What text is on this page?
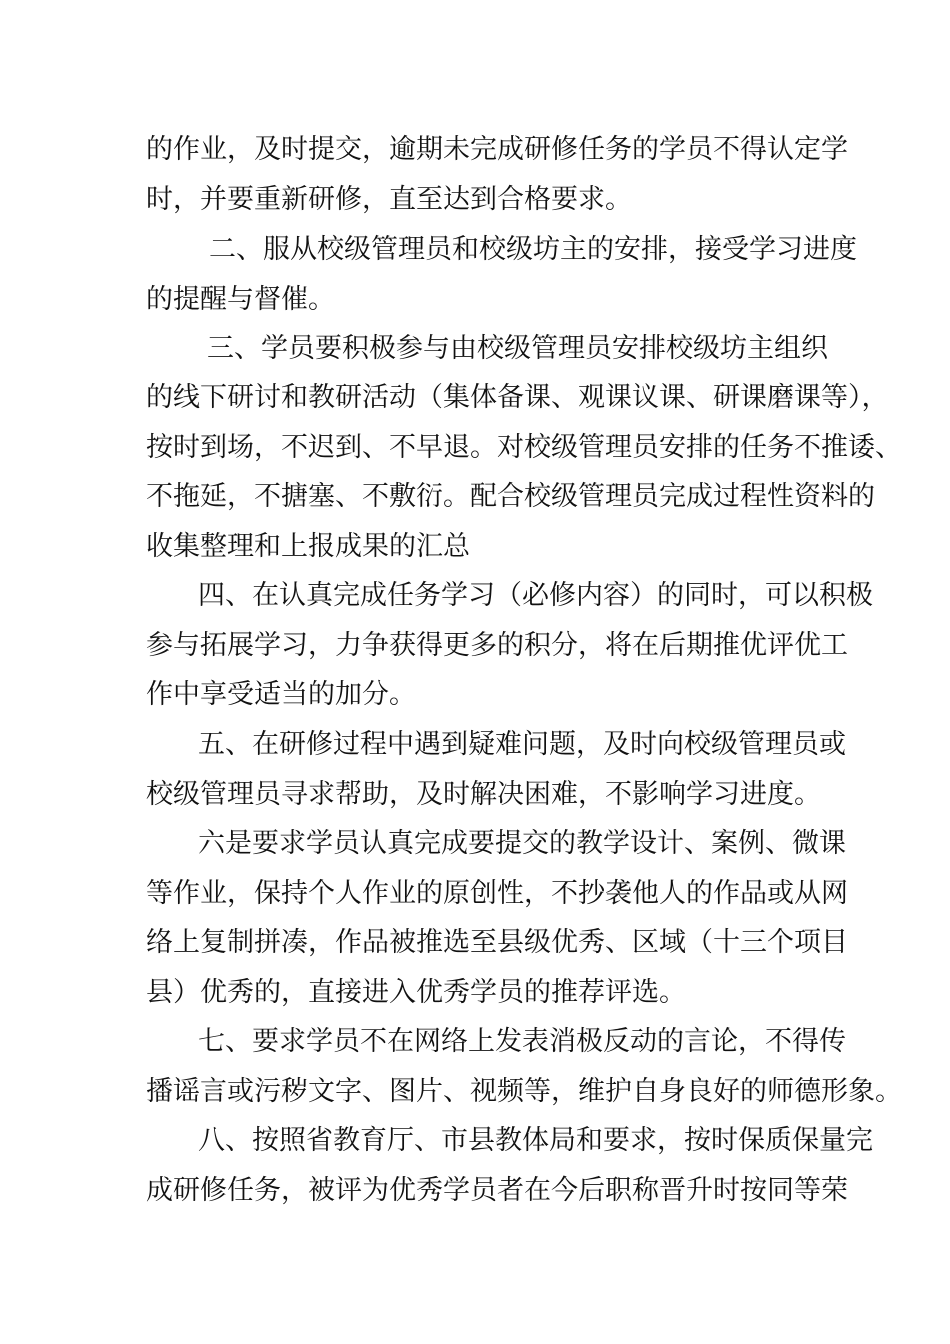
的作业，及时提交，逾期未完成研修任务的学员不得认定学
时，并要重新研修，直至达到合格要求。
二、服从校级管理员和校级坊主的安排，接受学习进度
的提醒与督催。
三、学员要积极参与由校级管理员安排校级坊主组织
的线下研讨和教研活动（集体备课、观课议课、研课磨课等），
按时到场，不迟到、不早退。对校级管理员安排的任务不推诿、
不拖延，不搪塞、不敷衍。配合校级管理员完成过程性资料的
收集整理和上报成果的汇总
四、在认真完成任务学习（必修内容）的同时，可以积极
参与拓展学习，力争获得更多的积分，将在后期推优评优工
作中享受适当的加分。
五、在研修过程中遇到疑难问题，及时向校级管理员或
校级管理员寻求帮助，及时解决困难，不影响学习进度。
六是要求学员认真完成要提交的教学设计、案例、微课
等作业，保持个人作业的原创性，不抄袭他人的作品或从网
络上复制拼凑，作品被推选至县级优秀、区域（十三个项目
县）优秀的，直接进入优秀学员的推荐评选。
七、要求学员不在网络上发表消极反动的言论，不得传
播谣言或污秽文字、图片、视频等，维护自身良好的师德形象。
八、按照省教育厅、市县教体局和要求，按时保质保量完
成研修任务，被评为优秀学员者在今后职称晋升时按同等荣
